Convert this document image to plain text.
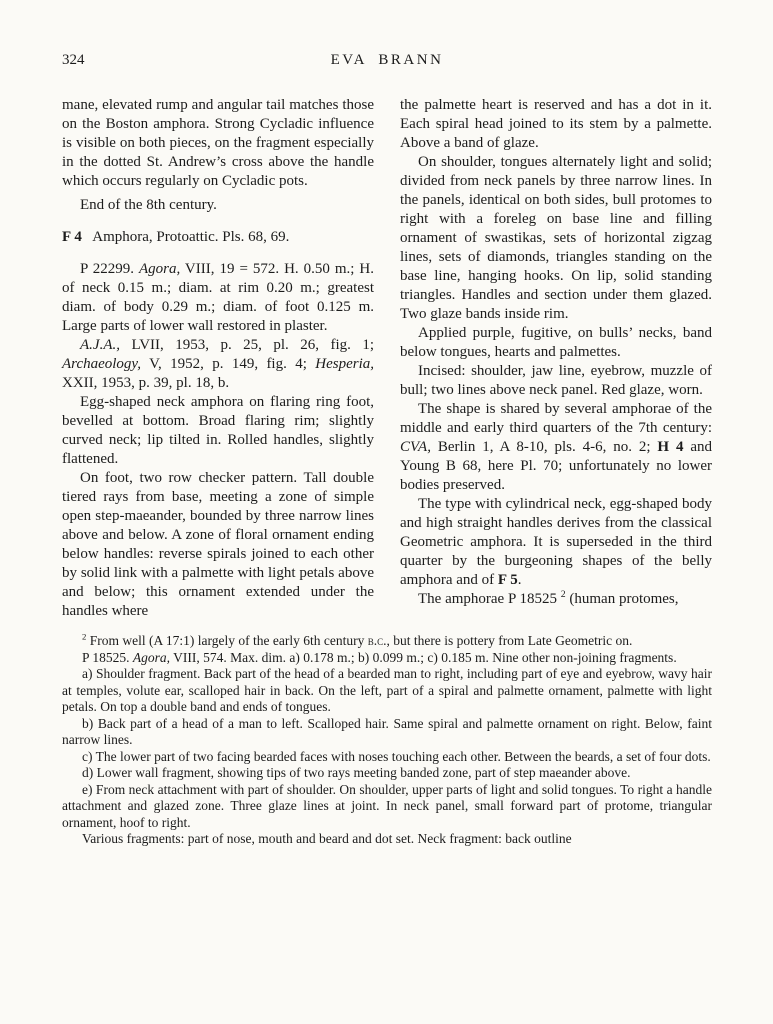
324	EVA BRANN

mane, elevated rump and angular tail matches those on the Boston amphora. Strong Cycladic influence is visible on both pieces, on the fragment especially in the dotted St. Andrew’s cross above the handle which occurs regularly on Cycladic pots.

End of the 8th century.

F 4  Amphora, Protoattic. Pls. 68, 69.

P 22299. Agora, VIII, 19 = 572. H. 0.50 m.; H. of neck 0.15 m.; diam. at rim 0.20 m.; greatest diam. of body 0.29 m.; diam. of foot 0.125 m. Large parts of lower wall restored in plaster.

A.J.A., LVII, 1953, p. 25, pl. 26, fig. 1; Archaeology, V, 1952, p. 149, fig. 4; Hesperia, XXII, 1953, p. 39, pl. 18, b.

Egg-shaped neck amphora on flaring ring foot, bevelled at bottom. Broad flaring rim; slightly curved neck; lip tilted in. Rolled handles, slightly flattened.

On foot, two row checker pattern. Tall double tiered rays from base, meeting a zone of simple open step-maeander, bounded by three narrow lines above and below. A zone of floral ornament ending below handles: reverse spirals joined to each other by solid link with a palmette with light petals above and below; this ornament extended under the handles where

the palmette heart is reserved and has a dot in it. Each spiral head joined to its stem by a palmette. Above a band of glaze.

On shoulder, tongues alternately light and solid; divided from neck panels by three narrow lines. In the panels, identical on both sides, bull protomes to right with a foreleg on base line and filling ornament of swastikas, sets of horizontal zigzag lines, sets of diamonds, triangles standing on the base line, hanging hooks. On lip, solid standing triangles. Handles and section under them glazed. Two glaze bands inside rim.

Applied purple, fugitive, on bulls’ necks, band below tongues, hearts and palmettes.

Incised: shoulder, jaw line, eyebrow, muzzle of bull; two lines above neck panel. Red glaze, worn.

The shape is shared by several amphorae of the middle and early third quarters of the 7th century: CVA, Berlin 1, A 8-10, pls. 4-6, no. 2; H 4 and Young B 68, here Pl. 70; unfortunately no lower bodies preserved.

The type with cylindrical neck, egg-shaped body and high straight handles derives from the classical Geometric amphora. It is superseded in the third quarter by the burgeoning shapes of the belly amphora and of F 5.

The amphorae P 18525 $^2$ (human protomes,

$^2$ From well (A 17:1) largely of the early 6th century b.c., but there is pottery from Late Geometric on.

P 18525. Agora, VIII, 574. Max. dim. a) 0.178 m.; b) 0.099 m.; c) 0.185 m. Nine other non-joining fragments.

a) Shoulder fragment. Back part of the head of a bearded man to right, including part of eye and eyebrow, wavy hair at temples, volute ear, scalloped hair in back. On the left, part of a spiral and palmette ornament, palmette with light petals. On top a double band and ends of tongues.

b) Back part of a head of a man to left. Scalloped hair. Same spiral and palmette ornament on right. Below, faint narrow lines.

c) The lower part of two facing bearded faces with noses touching each other. Between the beards, a set of four dots.

d) Lower wall fragment, showing tips of two rays meeting banded zone, part of step maeander above.

e) From neck attachment with part of shoulder. On shoulder, upper parts of light and solid tongues. To right a handle attachment and glazed zone. Three glaze lines at joint. In neck panel, small forward part of protome, triangular ornament, hoof to right.

Various fragments: part of nose, mouth and beard and dot set. Neck fragment: back outline
